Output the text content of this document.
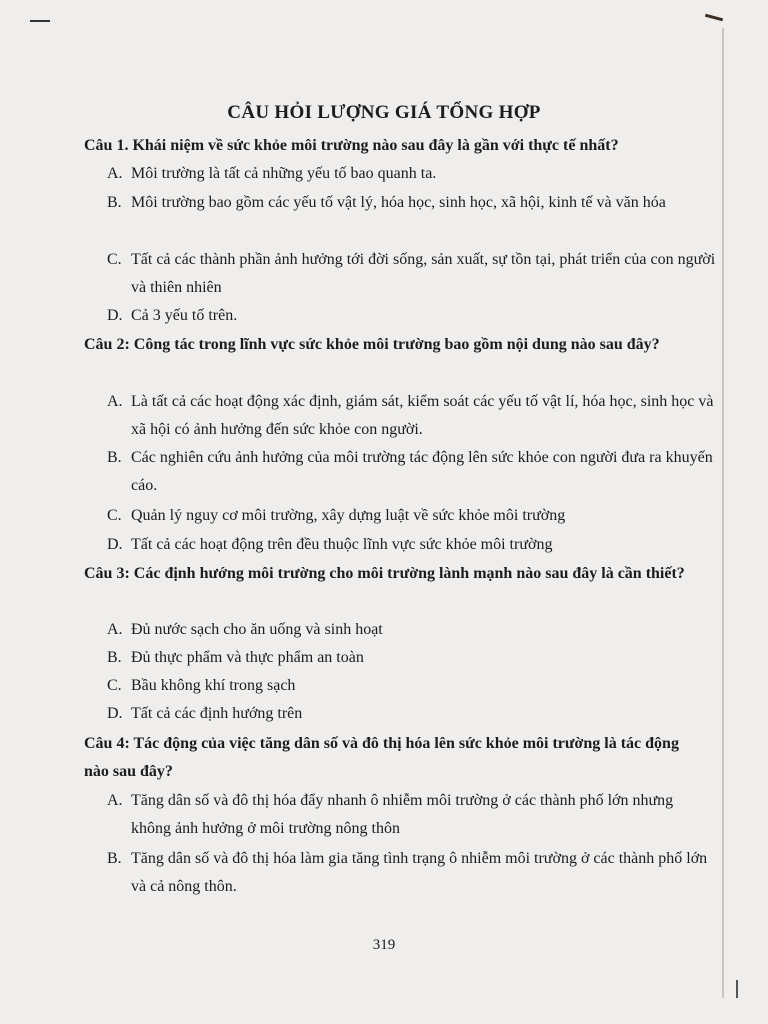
CÂU HỎI LƯỢNG GIÁ TỔNG HỢP
Câu 1. Khái niệm về sức khỏe môi trường nào sau đây là gần với thực tế nhất?
A. Môi trường là tất cả những yếu tố bao quanh ta.
B. Môi trường bao gồm các yếu tố vật lý, hóa học, sinh học, xã hội, kinh tế và văn hóa
C. Tất cả các thành phần ảnh hưởng tới đời sống, sản xuất, sự tồn tại, phát triển của con người và thiên nhiên
D. Cả 3 yếu tố trên.
Câu 2: Công tác trong lĩnh vực sức khỏe môi trường bao gồm nội dung nào sau đây?
A. Là tất cả các hoạt động xác định, giám sát, kiểm soát các yếu tố vật lí, hóa học, sinh học và xã hội có ảnh hưởng đến sức khỏe con người.
B. Các nghiên cứu ảnh hưởng của môi trường tác động lên sức khỏe con người đưa ra khuyến cáo.
C. Quản lý nguy cơ môi trường, xây dựng luật về sức khỏe môi trường
D. Tất cả các hoạt động trên đều thuộc lĩnh vực sức khỏe môi trường
Câu 3: Các định hướng môi trường cho môi trường lành mạnh nào sau đây là cần thiết?
A. Đủ nước sạch cho ăn uống và sinh hoạt
B. Đủ thực phẩm và thực phẩm an toàn
C. Bầu không khí trong sạch
D. Tất cả các định hướng trên
Câu 4: Tác động của việc tăng dân số và đô thị hóa lên sức khỏe môi trường là tác động nào sau đây?
A. Tăng dân số và đô thị hóa đẩy nhanh ô nhiễm môi trường ở các thành phố lớn nhưng không ảnh hưởng ở môi trường nông thôn
B. Tăng dân số và đô thị hóa làm gia tăng tình trạng ô nhiễm môi trường ở các thành phố lớn và cả nông thôn.
319
